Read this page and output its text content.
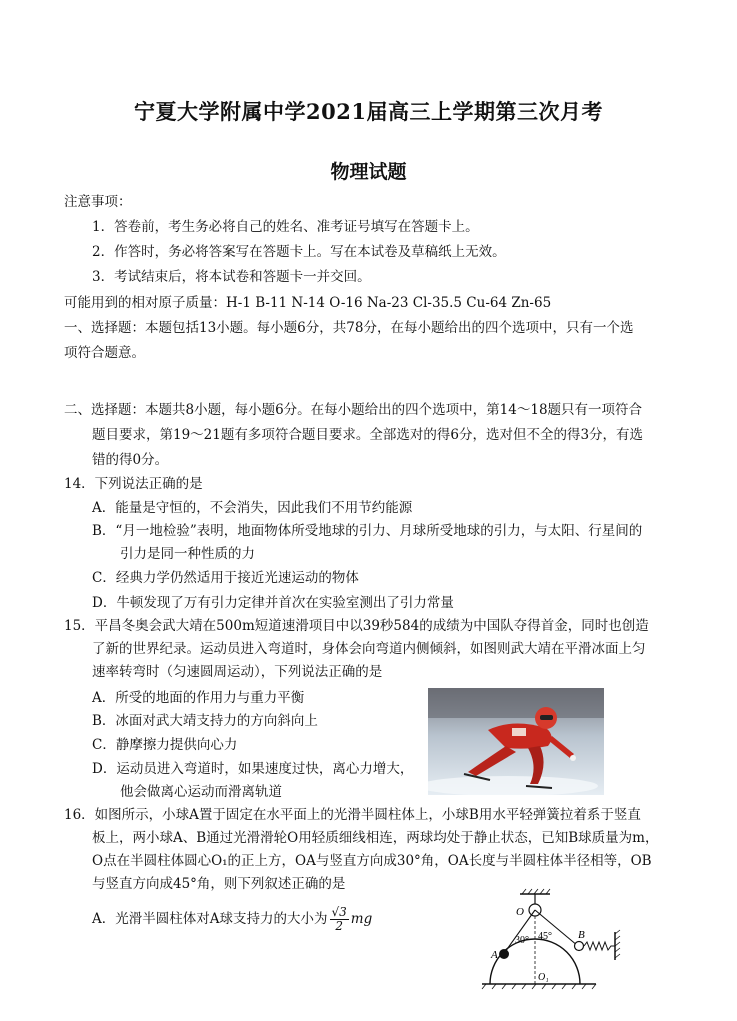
宁夏大学附属中学2021届高三上学期第三次月考
物理试题
注意事项：
1．答卷前，考生务必将自己的姓名、准考证号填写在答题卡上。
2．作答时，务必将答案写在答题卡上。写在本试卷及草稿纸上无效。
3．考试结束后，将本试卷和答题卡一并交回。
可能用到的相对原子质量：H-1 B-11 N-14 O-16 Na-23 Cl-35.5 Cu-64 Zn-65
一、选择题：本题包括13小题。每小题6分，共78分，在每小题给出的四个选项中，只有一个选
项符合题意。
二、选择题：本题共8小题，每小题6分。在每小题给出的四个选项中，第14～18题只有一项符合
题目要求，第19～21题有多项符合题目要求。全部选对的得6分，选对但不全的得3分，有选
错的得0分。
14．下列说法正确的是
A．能量是守恒的，不会消失，因此我们不用节约能源
B．“月一地检验”表明，地面物体所受地球的引力、月球所受地球的引力，与太阳、行星间的
引力是同一种性质的力
C．经典力学仍然适用于接近光速运动的物体
D．牛顿发现了万有引力定律并首次在实验室测出了引力常量
15．平昌冬奥会武大靖在500m短道速滑项目中以39秒584的成绩为中国队夺得首金，同时也创造
了新的世界纪录。运动员进入弯道时，身体会向弯道内侧倾斜，如图则武大靖在平滑冰面上匀
速率转弯时（匀速圆周运动），下列说法正确的是
A．所受的地面的作用力与重力平衡
B．冰面对武大靖支持力的方向斜向上
C．静摩擦力提供向心力
D．运动员进入弯道时，如果速度过快，离心力增大，
他会做离心运动而滑离轨道
16．如图所示，小球A置于固定在水平面上的光滑半圆柱体上，小球B用水平轻弹簧拉着系于竖直
板上，两小球A、B通过光滑滑轮O用轻质细线相连，两球均处于静止状态，已知B球质量为m，
O点在半圆柱体圆心O₁的正上方，OA与竖直方向成30°角，OA长度与半圆柱体半径相等，OB
与竖直方向成45°角，则下列叙述正确的是
A．光滑半圆柱体对A球支持力的大小为 $\frac{√3}{2}$ mg	O
O₁
A
B
30° 45°
